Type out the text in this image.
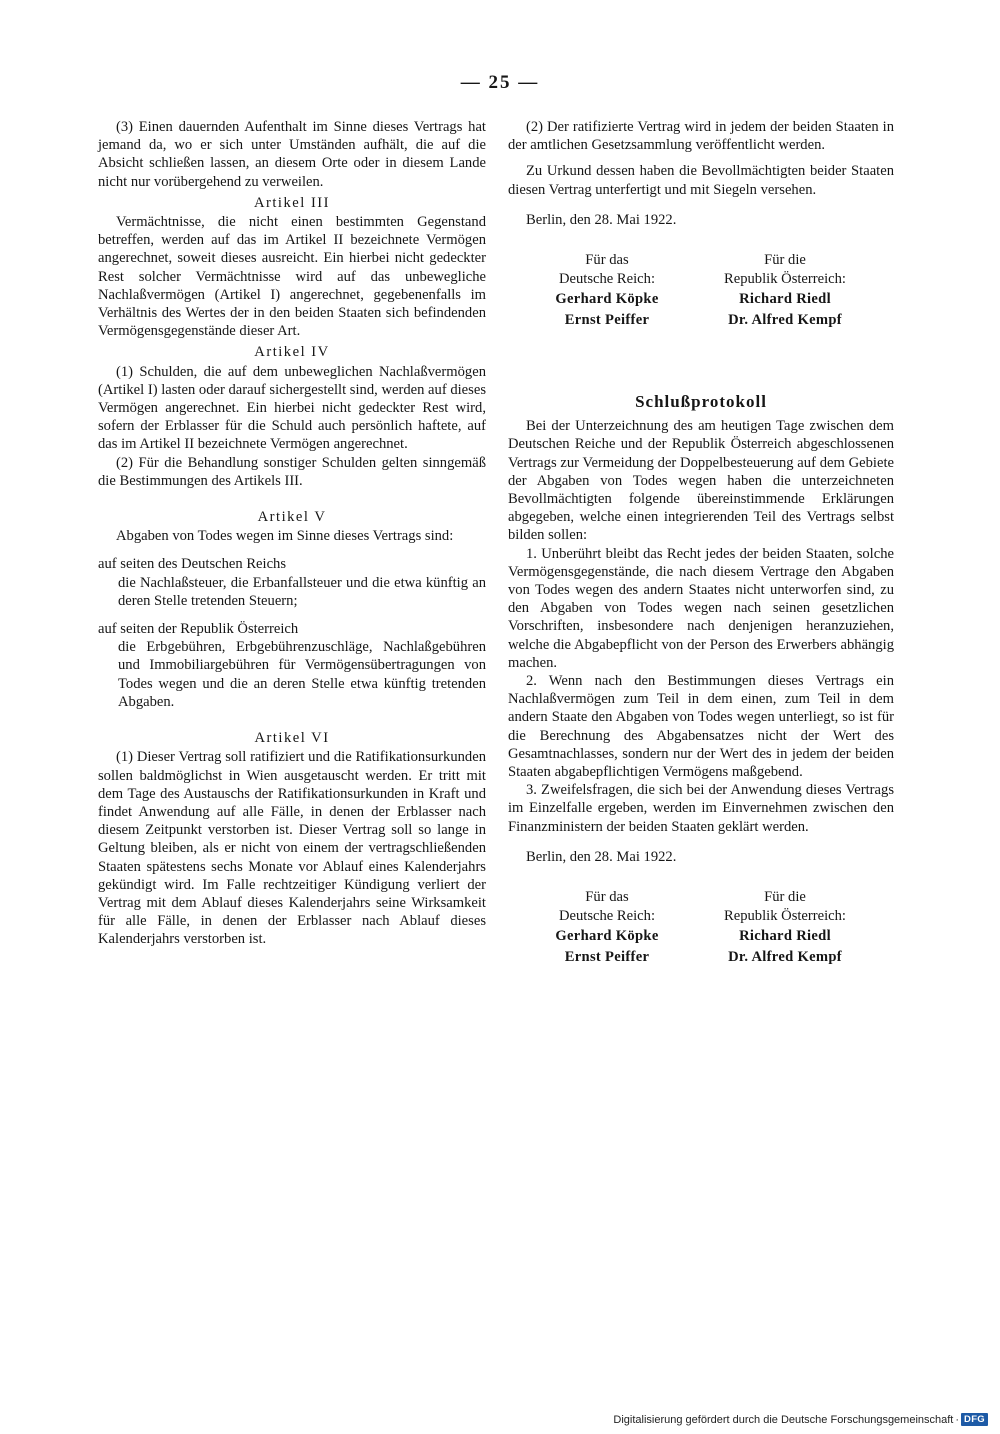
— 25 —

(3) Einen dauernden Aufenthalt im Sinne dieses Vertrags hat jemand da, wo er sich unter Umständen aufhält, die auf die Absicht schließen lassen, an diesem Orte oder in diesem Lande nicht nur vorübergehend zu verweilen.

Artikel III

Vermächtnisse, die nicht einen bestimmten Gegenstand betreffen, werden auf das im Artikel II bezeichnete Vermögen angerechnet, soweit dieses ausreicht. Ein hierbei nicht gedeckter Rest solcher Vermächtnisse wird auf das unbewegliche Nachlaßvermögen (Artikel I) angerechnet, gegebenenfalls im Verhältnis des Wertes der in den beiden Staaten sich befindenden Vermögensgegenstände dieser Art.

Artikel IV

(1) Schulden, die auf dem unbeweglichen Nachlaßvermögen (Artikel I) lasten oder darauf sichergestellt sind, werden auf dieses Vermögen angerechnet. Ein hierbei nicht gedeckter Rest wird, sofern der Erblasser für die Schuld auch persönlich haftete, auf das im Artikel II bezeichnete Vermögen angerechnet.

(2) Für die Behandlung sonstiger Schulden gelten sinngemäß die Bestimmungen des Artikels III.

Artikel V

Abgaben von Todes wegen im Sinne dieses Vertrags sind:

auf seiten des Deutschen Reichs

die Nachlaßsteuer, die Erbanfallsteuer und die etwa künftig an deren Stelle tretenden Steuern;

auf seiten der Republik Österreich

die Erbgebühren, Erbgebührenzuschläge, Nachlaßgebühren und Immobiliargebühren für Vermögensübertragungen von Todes wegen und die an deren Stelle etwa künftig tretenden Abgaben.

Artikel VI

(1) Dieser Vertrag soll ratifiziert und die Ratifikationsurkunden sollen baldmöglichst in Wien ausgetauscht werden. Er tritt mit dem Tage des Austauschs der Ratifikationsurkunden in Kraft und findet Anwendung auf alle Fälle, in denen der Erblasser nach diesem Zeitpunkt verstorben ist. Dieser Vertrag soll so lange in Geltung bleiben, als er nicht von einem der vertragschließenden Staaten spätestens sechs Monate vor Ablauf eines Kalenderjahrs gekündigt wird. Im Falle rechtzeitiger Kündigung verliert der Vertrag mit dem Ablauf dieses Kalenderjahrs seine Wirksamkeit für alle Fälle, in denen der Erblasser nach Ablauf dieses Kalenderjahrs verstorben ist.

(2) Der ratifizierte Vertrag wird in jedem der beiden Staaten in der amtlichen Gesetzsammlung veröffentlicht werden.

Zu Urkund dessen haben die Bevollmächtigten beider Staaten diesen Vertrag unterfertigt und mit Siegeln versehen.

Berlin, den 28. Mai 1922.

Für das
Deutsche Reich:
Gerhard Köpke
Ernst Peiffer
Für die
Republik Österreich:
Richard Riedl
Dr. Alfred Kempf
Schlußprotokoll

Bei der Unterzeichnung des am heutigen Tage zwischen dem Deutschen Reiche und der Republik Österreich abgeschlossenen Vertrags zur Vermeidung der Doppelbesteuerung auf dem Gebiete der Abgaben von Todes wegen haben die unterzeichneten Bevollmächtigten folgende übereinstimmende Erklärungen abgegeben, welche einen integrierenden Teil des Vertrags selbst bilden sollen:

1. Unberührt bleibt das Recht jedes der beiden Staaten, solche Vermögensgegenstände, die nach diesem Vertrage den Abgaben von Todes wegen des andern Staates nicht unterworfen sind, zu den Abgaben von Todes wegen nach seinen gesetzlichen Vorschriften, insbesondere nach denjenigen heranzuziehen, welche die Abgabepflicht von der Person des Erwerbers abhängig machen.

2. Wenn nach den Bestimmungen dieses Vertrags ein Nachlaßvermögen zum Teil in dem einen, zum Teil in dem andern Staate den Abgaben von Todes wegen unterliegt, so ist für die Berechnung des Abgabensatzes nicht der Wert des Gesamtnachlasses, sondern nur der Wert des in jedem der beiden Staaten abgabepflichtigen Vermögens maßgebend.

3. Zweifelsfragen, die sich bei der Anwendung dieses Vertrags im Einzelfalle ergeben, werden im Einvernehmen zwischen den Finanzministern der beiden Staaten geklärt werden.

Berlin, den 28. Mai 1922.

Für das
Deutsche Reich:
Gerhard Köpke
Ernst Peiffer
Für die
Republik Österreich:
Richard Riedl
Dr. Alfred Kempf
Digitalisierung gefördert durch die Deutsche Forschungsgemeinschaft · DFG
